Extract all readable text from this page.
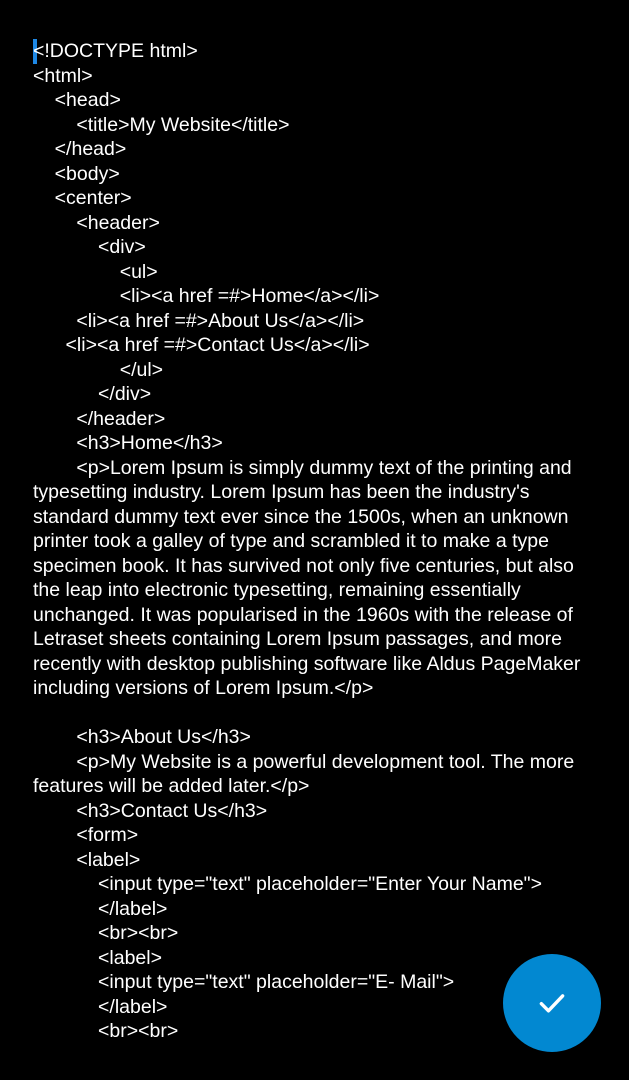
<!DOCTYPE html>
<html>
<head>
<title>My Website</title>
</head>
<body>
<center>
<header>
<div>
<ul>
<li><a href =#>Home</a></li>
<li><a href =#>About Us</a></li>
<li><a href =#>Contact Us</a></li>
</ul>
</div>
</header>
<h3>Home</h3>
<p>Lorem Ipsum is simply dummy text of the printing and typesetting industry. Lorem Ipsum has been the industry's standard dummy text ever since the 1500s, when an unknown printer took a galley of type and scrambled it to make a type specimen book. It has survived not only five centuries, but also the leap into electronic typesetting, remaining essentially unchanged. It was popularised in the 1960s with the release of Letraset sheets containing Lorem Ipsum passages, and more recently with desktop publishing software like Aldus PageMaker including versions of Lorem Ipsum.</p>
<h3>About Us</h3>
<p>My Website is a powerful development tool. The more features will be added later.</p>
<h3>Contact Us</h3>
<form>
<label>
<input type="text" placeholder="Enter Your Name">
</label>
<br><br>
<label>
<input type="text" placeholder="E- Mail">
</label>
<br><br>
